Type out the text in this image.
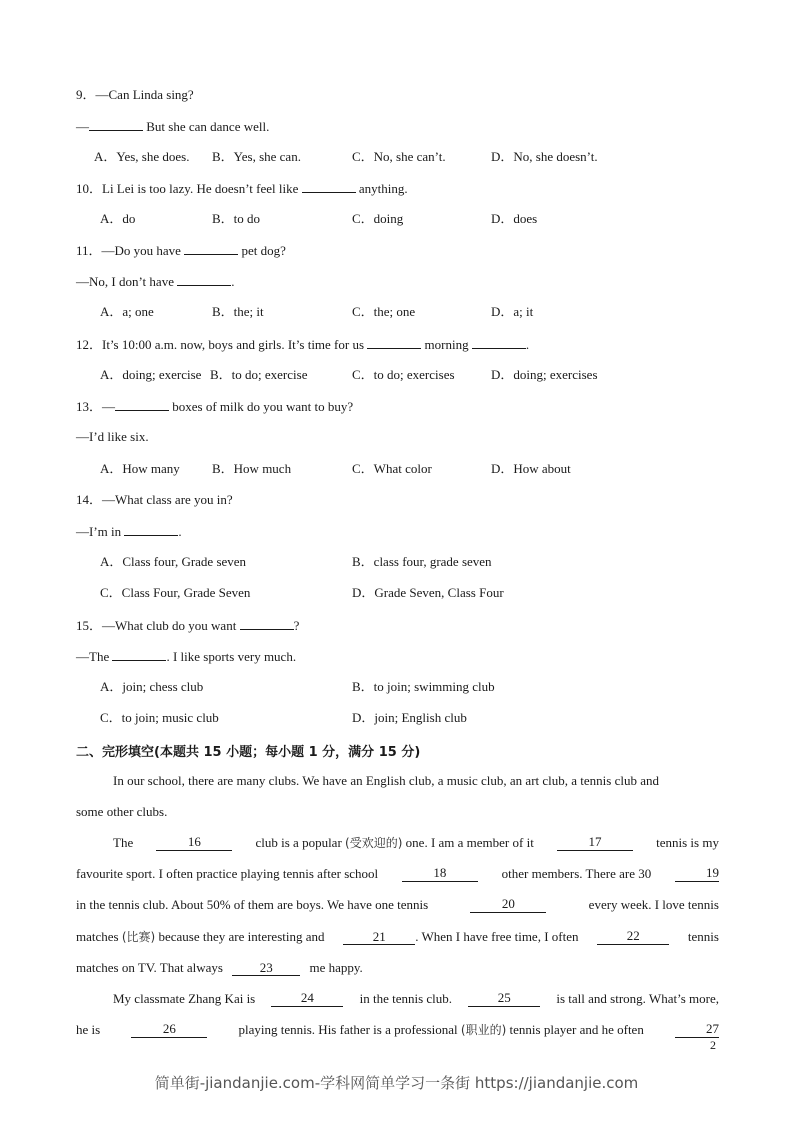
9．—Can Linda sing?
—	But she can dance well.
A．Yes, she does. B．Yes, she can.	C．No, she can’t.	D．No, she doesn’t.
10．Li Lei is too lazy. He doesn’t feel like	anything.
A．do	B．to do	C．doing	D．does
11．—Do you have	pet dog?
—No, I don’t have	.
A．a; one	B．the; it	C．the; one	D．a; it
12．It’s 10:00 a.m. now, boys and girls. It’s time for us	morning	.
A．doing; exercise B．to do; exercise	C．to do; exercises	D．doing; exercises
13．—	boxes of milk do you want to buy?
—I’d like six.
A．How many B．How much	C．What color	D．How about
14．—What class are you in?
—I’m in	.
A．Class four, Grade seven	B．class four, grade seven
C．Class Four, Grade Seven	D．Grade Seven, Class Four
15．—What club do you want	?
—The	. I like sports very much.
A．join; chess club	B．to join; swimming club
C．to join; music club	D．join; English club
二、完形填空(本题共 15 小题；每小题 1 分，满分 15 分)
In our school, there are many clubs. We have an English club, a music club, an art club, a tennis club and
some other clubs.
The	16	club is a popular (受欢迎的) one. I am a member of it	17	tennis is my
favourite sport. I often practice playing tennis after school	18	other members. There are 30	19
in the tennis club. About 50% of them are boys. We have one tennis	20	every week. I love tennis
matches (比赛) because they are interesting and	21 . When I have free time, I often	22	tennis
matches on TV. That always	23	me happy.
My classmate Zhang Kai is	24	in the tennis club.	25	is tall and strong. What’s more,
he is	26	playing tennis. His father is a professional (职业的) tennis player and he often	27
2
简单街-jiandanjie.com-学科网简单学习一条街 https://jiandanjie.com
